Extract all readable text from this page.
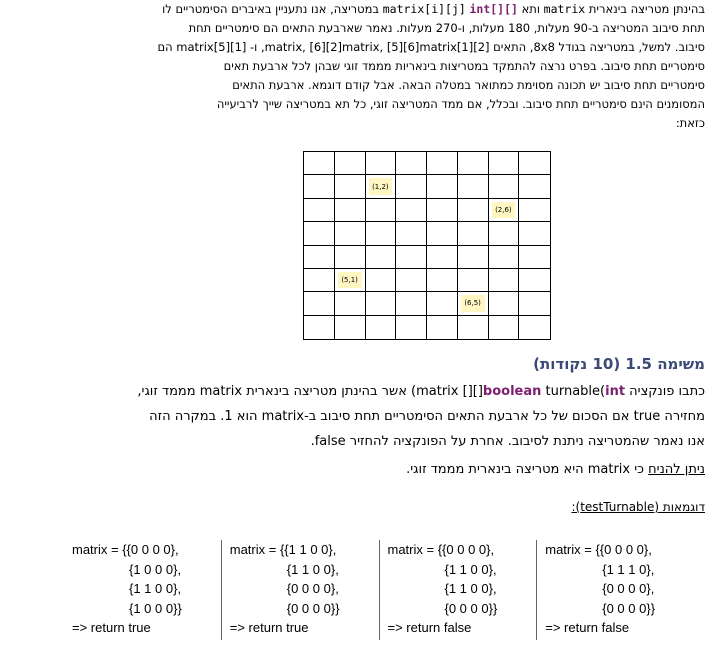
בהינתן מטריצה בינארית matrix ותא int[][] matrix[i][j] במטריצה, אנו נתעניין באיברים הסימטריים לו
תחת סיבוב המטריצה ב-90 מעלות, 180 מעלות, ו-270 מעלות. נאמר שארבעת התאים הם סימטריים תחת
סיבוב. למשל, במטריצה בגודל 8x8, התאים [2][1]matrix, [6][2]matrix, [5][6]matrix, ו- [1][5]matrix הם
סימטריים תחת סיבוב. בפרט נרצה להתמקד במטריצות בינאריות מממד זוגי שבהן לכל ארבעת תאים
סימטריים תחת סיבוב יש תכונה מסוימת כמתואר במטלה הבאה. אבל קודם דוגמא. ארבעת התאים
המסומנים הינם סימטריים תחת סיבוב. ובכלל, אם ממד המטריצה זוגי, כל תא במטריצה שייך לרביעייה
כזאת:
(1,2)
(2,6)
(5,1)
(6,5)
משימה 1.5 (10 נקודות)
כתבו פונקציה boolean turnable(int[][] matrix) אשר בהינתן מטריצה בינארית matrix מממד זוגי,
מחזירה true אם הסכום של כל ארבעת התאים הסימטריים תחת סיבוב ב-matrix הוא 1. במקרה הזה
אנו נאמר שהמטריצה ניתנת לסיבוב. אחרת על הפונקציה להחזיר false.
ניתן להניח כי matrix היא מטריצה בינארית מממד זוגי.
דוגמאות (testTurnable):
matrix = {{0 0 0 0},
{1 0 0 0},
{1 1 0 0},
{1 0 0 0}}
=> return true
matrix = {{1 1 0 0},
{1 1 0 0},
{0 0 0 0},
{0 0 0 0}}
=> return true
matrix = {{0 0 0 0},
{1 1 0 0},
{1 1 0 0},
{0 0 0 0}}
=> return false
matrix = {{0 0 0 0},
{1 1 1 0},
{0 0 0 0},
{0 0 0 0}}
=> return false
